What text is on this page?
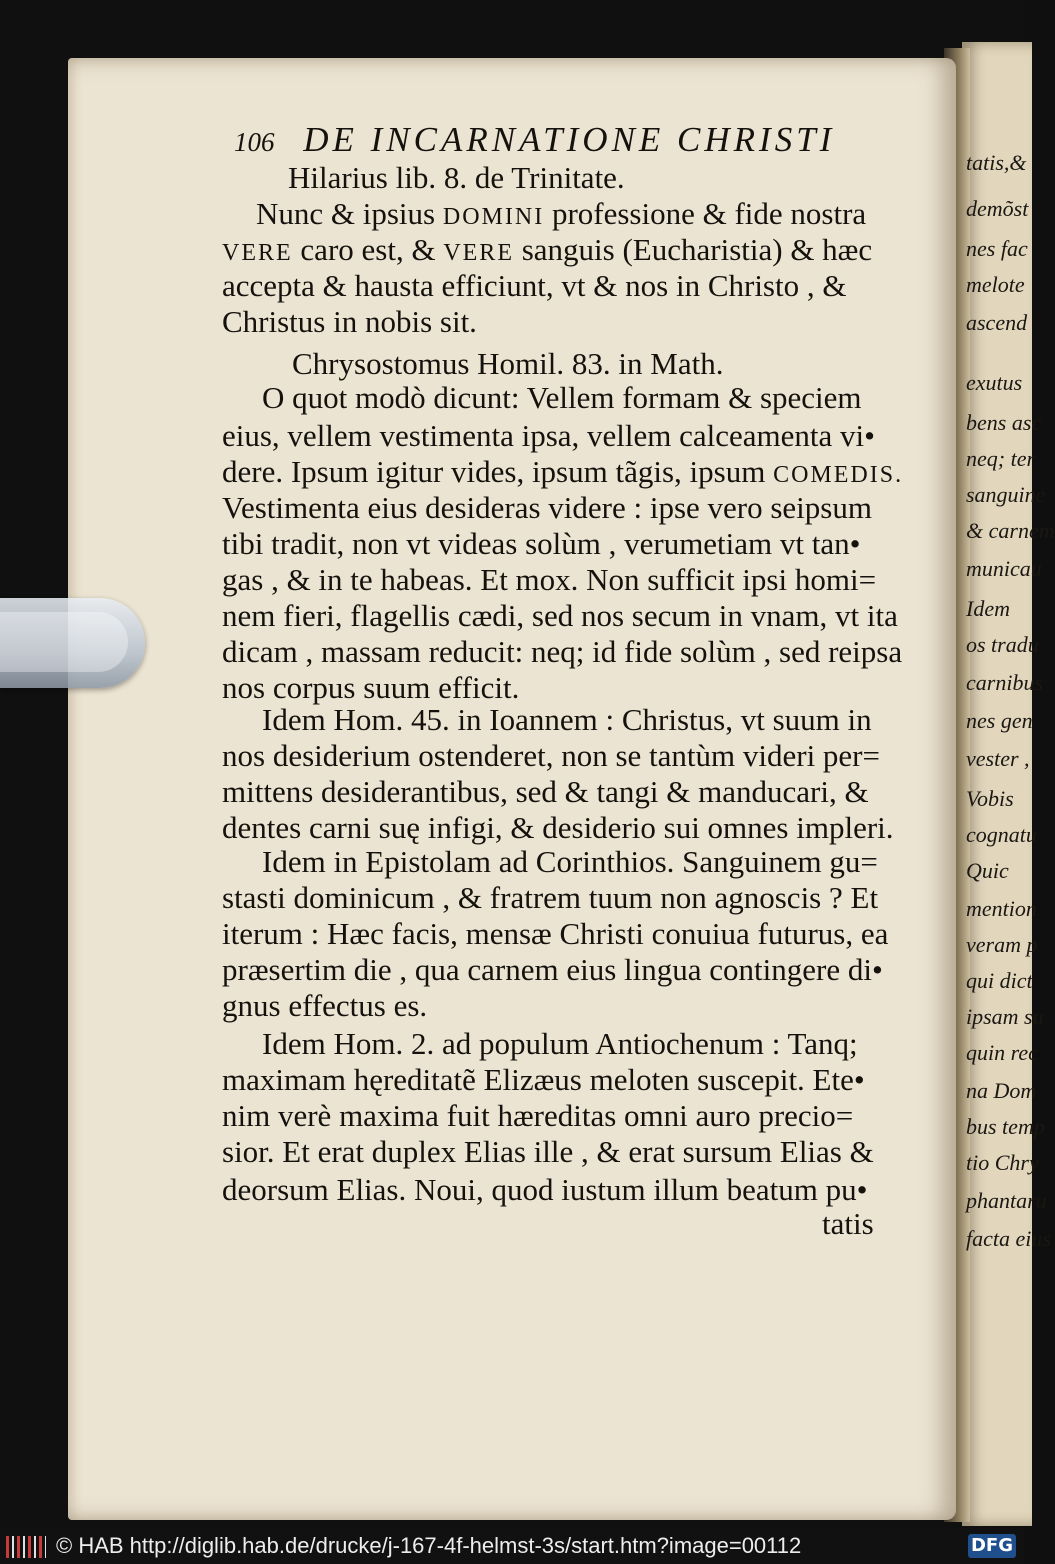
106 DE INCARNATIONE CHRISTI
Hilarius lib. 8. de Trinitate.
Nunc & ipsius DOMINI professione & fide nostra
VERE caro est, & VERE sanguis (Eucharistia) & hæc
accepta & hausta efficiunt, vt & nos in Christo , &
Christus in nobis sit.
Chrysostomus Homil. 83. in Math.
O quot modò dicunt: Vellem formam & speciem
eius, vellem vestimenta ipsa, vellem calceamenta vi•
dere. Ipsum igitur vides, ipsum tãgis, ipsum COMEDIS.
Vestimenta eius desideras videre : ipse vero seipsum
tibi tradit, non vt videas solùm , verumetiam vt tan•
gas , & in te habeas. Et mox. Non sufficit ipsi homi=
nem fieri, flagellis cædi, sed nos secum in vnam, vt ita
dicam , massam reducit: neq; id fide solùm , sed reipsa
nos corpus suum efficit.
Idem Hom. 45. in Ioannem : Christus, vt suum in
nos desiderium ostenderet, non se tantùm videri per=
mittens desiderantibus, sed & tangi & manducari, &
dentes carni suę infigi, & desiderio sui omnes impleri.
Idem in Epistolam ad Corinthios. Sanguinem gu=
stasti dominicum , & fratrem tuum non agnoscis ? Et
iterum : Hæc facis, mensæ Christi conuiua futurus, ea
præsertim die , qua carnem eius lingua contingere di•
gnus effectus es.
Idem Hom. 2. ad populum Antiochenum : Tanq;
maximam hęreditatẽ Elizæus meloten suscepit. Ete•
nim verè maxima fuit hæreditas omni auro precio=
sior. Et erat duplex Elias ille , & erat sursum Elias &
deorsum Elias. Noui, quod iustum illum beatum pu•
tatis
tatis,&
demõst
nes fac
melote
ascend
exutus
bens asc
neq; ter
sanguine
& carnem
municau
Idem
os tradu
carnibus
nes gen
vester ,
Vobis
cognatu
Quic
mention
veram p
qui dict
ipsam su
quin rec
na Dom
bus temp
tio Chry
phantaru
facta eius
© HAB http://diglib.hab.de/drucke/j-167-4f-helmst-3s/start.htm?image=00112	DFG
